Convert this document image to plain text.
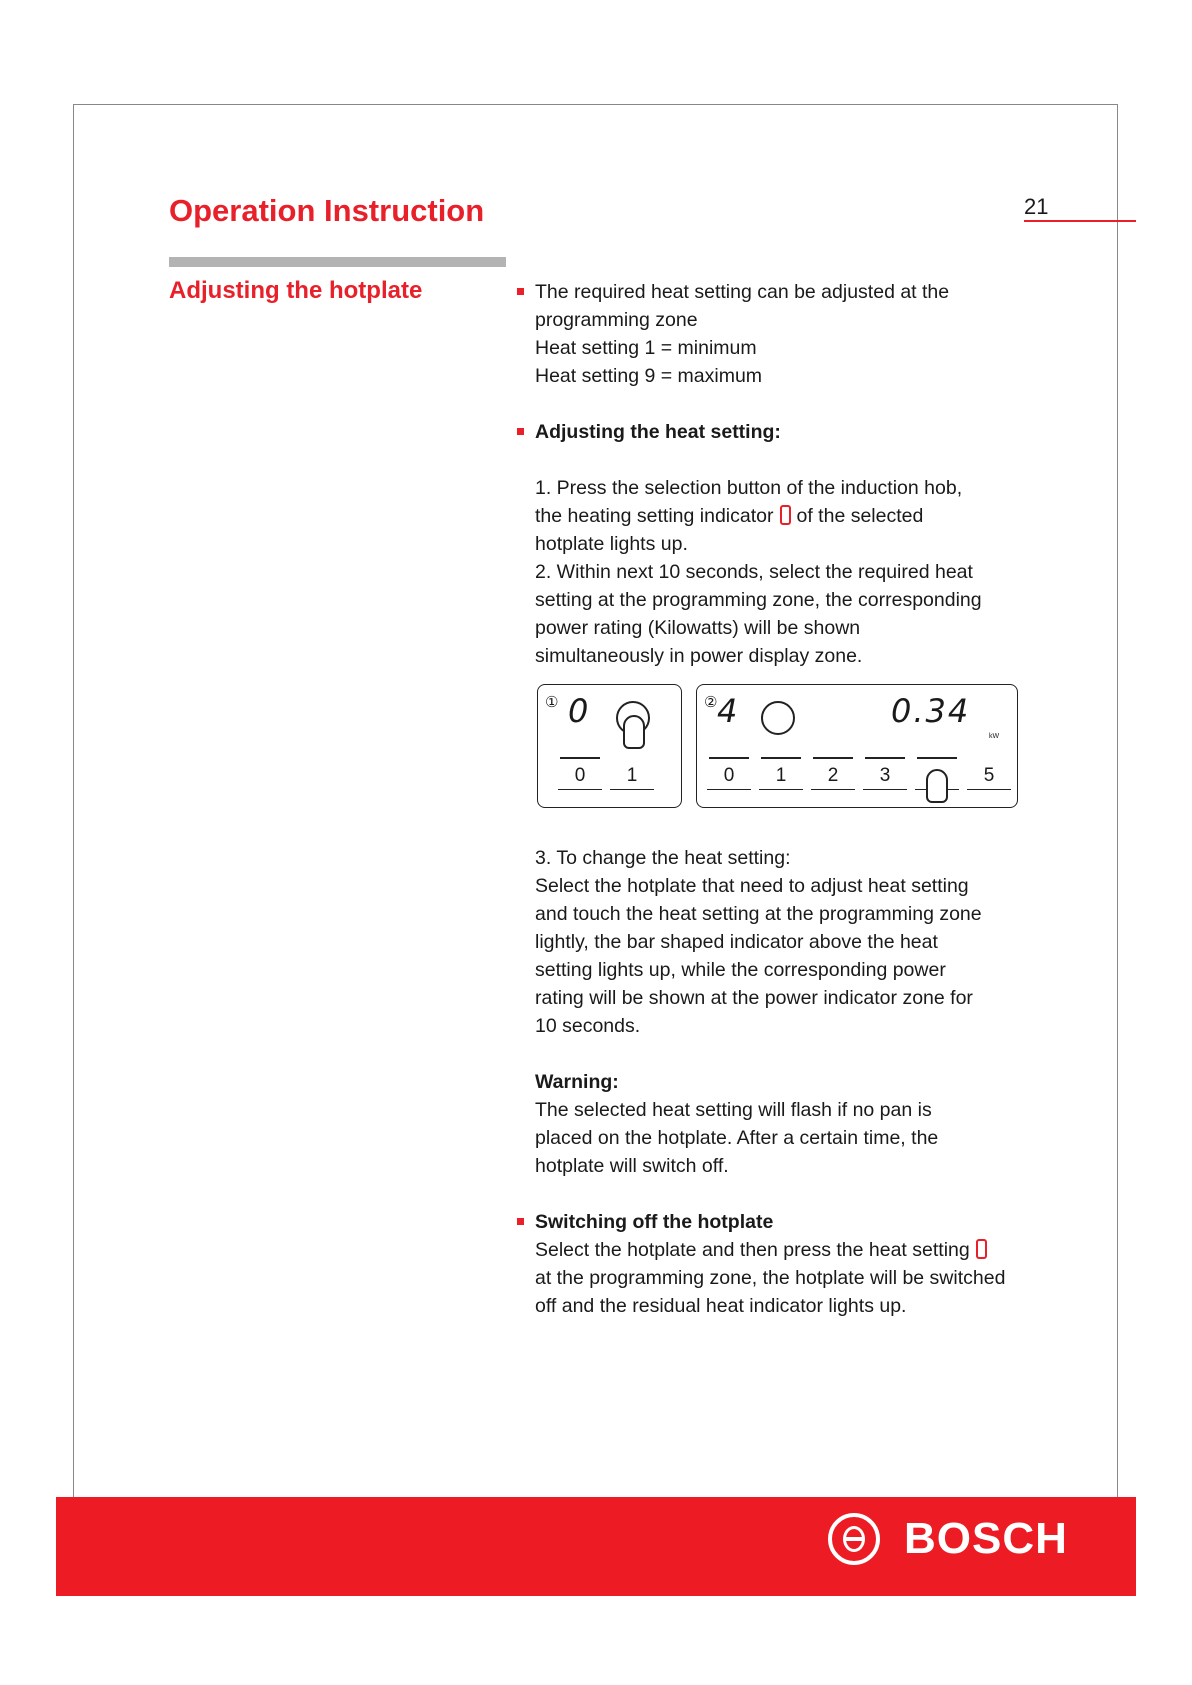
Operation Instruction	21
Adjusting the hotplate	The required heat setting can be adjusted at the

programming zone

Heat setting 1 = minimum

Heat setting 9 = maximum

Adjusting the heat setting:

1. Press the selection button of the induction hob,

the heating setting indicator of the selected

hotplate lights up.

2. Within next 10 seconds, select the required heat

setting at the programming zone, the corresponding

power rating (Kilowatts) will be shown

simultaneously in power display zone.

① 0
0	1
② 4	0.34
kW
0	1	2	3	5

3. To change the heat setting:

Select the hotplate that need to adjust heat setting

and touch the heat setting at the programming zone

lightly, the bar shaped indicator above the heat

setting lights up, while the corresponding power

rating will be shown at the power indicator zone for

10 seconds.

Warning:

The selected heat setting will flash if no pan is

placed on the hotplate. After a certain time, the

hotplate will switch off.

Switching off the hotplate

Select the hotplate and then press the heat setting

at the programming zone, the hotplate will be switched

off and the residual heat indicator lights up.

BOSCH
